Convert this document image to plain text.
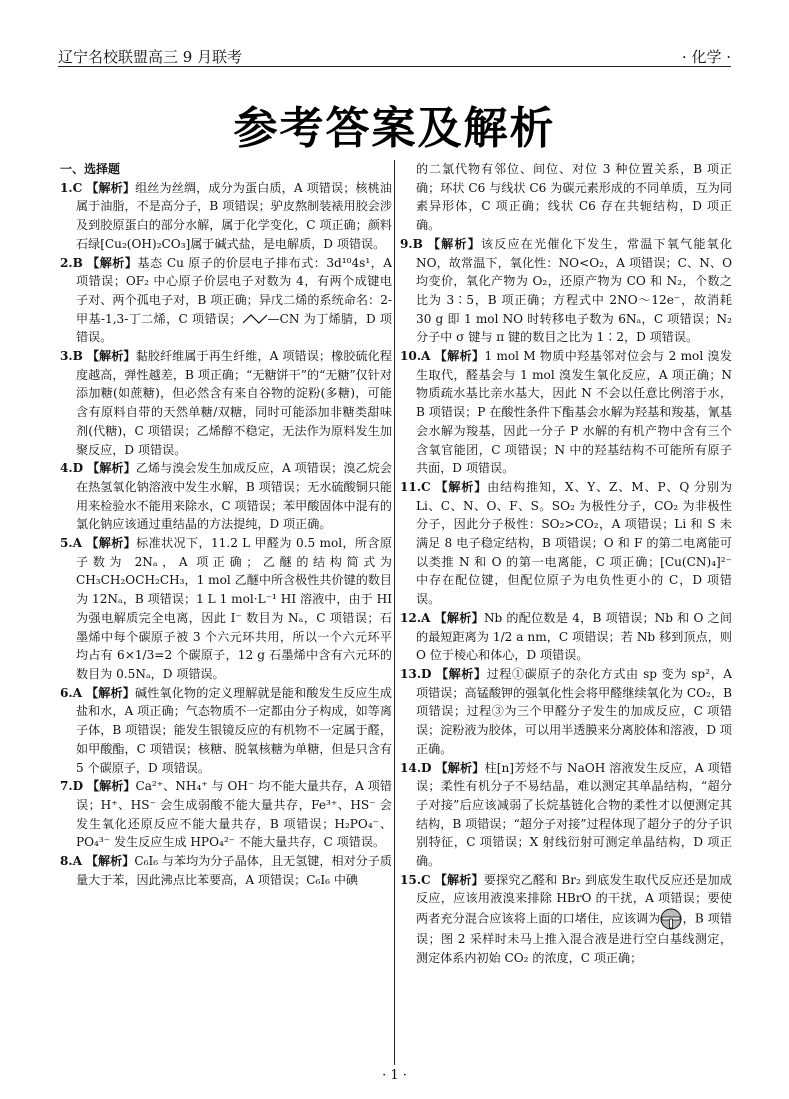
辽宁名校联盟高三 9 月联考	· 化学 ·
参考答案及解析

一、选择题

1.C 【解析】组丝为丝绸，成分为蛋白质，A 项错误；核桃油属于油脂，不是高分子，B 项错误；驴皮熬制装裱用胶会涉及到胶原蛋白的部分水解，属于化学变化，C 项正确；颜料石绿[Cu₂(OH)₂CO₃]属于碱式盐，是电解质，D 项错误。

2.B 【解析】基态 Cu 原子的价层电子排布式：3d¹⁰4s¹，A 项错误；OF₂ 中心原子价层电子对数为 4，有两个成键电子对、两个孤电子对，B 项正确；异戊二烯的系统命名：2-甲基-1,3-丁二烯，C 项错误； —CN 为丁烯腈，D 项错误。

3.B 【解析】黏胶纤维属于再生纤维，A 项错误；橡胶硫化程度越高，弹性越差，B 项正确；“无糖饼干”的“无糖”仅针对添加糖(如蔗糖)，但必然含有来自谷物的淀粉(多糖)，可能含有原料自带的天然单糖/双糖，同时可能添加非糖类甜味剂(代糖)，C 项错误；乙烯醇不稳定，无法作为原料发生加聚反应，D 项错误。

4.D 【解析】乙烯与溴会发生加成反应，A 项错误；溴乙烷会在热氢氧化钠溶液中发生水解，B 项错误；无水硫酸铜只能用来检验水不能用来除水，C 项错误；苯甲酸固体中混有的氯化钠应该通过重结晶的方法提纯，D 项正确。

5.A 【解析】标准状况下，11.2 L 甲醛为 0.5 mol，所含原子数为 2Nₐ，A 项正确；乙醚的结构简式为 CH₃CH₂OCH₂CH₃，1 mol 乙醚中所含极性共价键的数目为 12Nₐ，B 项错误；1 L 1 mol·L⁻¹ HI 溶液中，由于 HI 为强电解质完全电离，因此 I⁻ 数目为 Nₐ，C 项错误；石墨烯中每个碳原子被 3 个六元环共用，所以一个六元环平均占有 6×1/3=2 个碳原子，12 g 石墨烯中含有六元环的数目为 0.5Nₐ，D 项错误。

6.A 【解析】碱性氧化物的定义理解就是能和酸发生反应生成盐和水，A 项正确；气态物质不一定都由分子构成，如等离子体，B 项错误；能发生银镜反应的有机物不一定属于醛，如甲酸酯，C 项错误；核糖、脱氧核糖为单糖，但是只含有 5 个碳原子，D 项错误。

7.D 【解析】Ca²⁺、NH₄⁺ 与 OH⁻ 均不能大量共存，A 项错误；H⁺、HS⁻ 会生成弱酸不能大量共存，Fe³⁺、HS⁻ 会发生氧化还原反应不能大量共存，B 项错误；H₂PO₄⁻、PO₄³⁻ 发生反应生成 HPO₄²⁻ 不能大量共存，C 项错误。

8.A 【解析】C₆I₆ 与苯均为分子晶体，且无氢键，相对分子质量大于苯，因此沸点比苯要高，A 项错误；C₆I₆ 中碘

的二氯代物有邻位、间位、对位 3 种位置关系，B 项正确；环状 C6 与线状 C6 为碳元素形成的不同单质，互为同素异形体，C 项正确；线状 C6 存在共轭结构，D 项正确。

9.B 【解析】该反应在光催化下发生，常温下氧气能氧化 NO，故常温下，氧化性：NO<O₂，A 项错误；C、N、O 均变价，氧化产物为 O₂，还原产物为 CO 和 N₂，个数之比为 3∶5，B 项正确；方程式中 2NO～12e⁻，故消耗 30 g 即 1 mol NO 时转移电子数为 6Nₐ，C 项错误；N₂ 分子中 σ 键与 π 键的数目之比为 1∶2，D 项错误。

10.A 【解析】1 mol M 物质中羟基邻对位会与 2 mol 溴发生取代，醛基会与 1 mol 溴发生氧化反应，A 项正确；N 物质疏水基比亲水基大，因此 N 不会以任意比例溶于水，B 项错误；P 在酸性条件下酯基会水解为羟基和羧基，氰基会水解为羧基，因此一分子 P 水解的有机产物中含有三个含氧官能团，C 项错误；N 中的羟基结构不可能所有原子共面，D 项错误。

11.C 【解析】由结构推知，X、Y、Z、M、P、Q 分别为 Li、C、N、O、F、S。SO₂ 为极性分子，CO₂ 为非极性分子，因此分子极性：SO₂>CO₂，A 项错误；Li 和 S 未满足 8 电子稳定结构，B 项错误；O 和 F 的第二电离能可以类推 N 和 O 的第一电离能，C 项正确；[Cu(CN)₄]²⁻ 中存在配位键，但配位原子为电负性更小的 C，D 项错误。

12.A 【解析】Nb 的配位数是 4，B 项错误；Nb 和 O 之间的最短距离为 1/2 a nm，C 项错误；若 Nb 移到顶点，则 O 位于棱心和体心，D 项错误。

13.D 【解析】过程①碳原子的杂化方式由 sp 变为 sp²，A 项错误；高锰酸钾的强氧化性会将甲醛继续氧化为 CO₂，B 项错误；过程③为三个甲醛分子发生的加成反应，C 项错误；淀粉液为胶体，可以用半透膜来分离胶体和溶液，D 项正确。

14.D 【解析】柱[n]芳烃不与 NaOH 溶液发生反应，A 项错误；柔性有机分子不易结晶，难以测定其单晶结构，“超分子对接”后应该减弱了长烷基链化合物的柔性才以便测定其结构，B 项错误；“超分子对接”过程体现了超分子的分子识别特征，C 项错误；X 射线衍射可测定单晶结构，D 项正确。

15.C 【解析】要探究乙醛和 Br₂ 到底发生取代反应还是加成反应，应该用液溴来排除 HBrO 的干扰，A 项错误；要使两者充分混合应该将上面的口堵住，应该调为 ，B 项错误；图 2 采样时未马上推入混合液是进行空白基线测定，测定体系内初始 CO₂ 的浓度，C 项正确；

· 1 ·
